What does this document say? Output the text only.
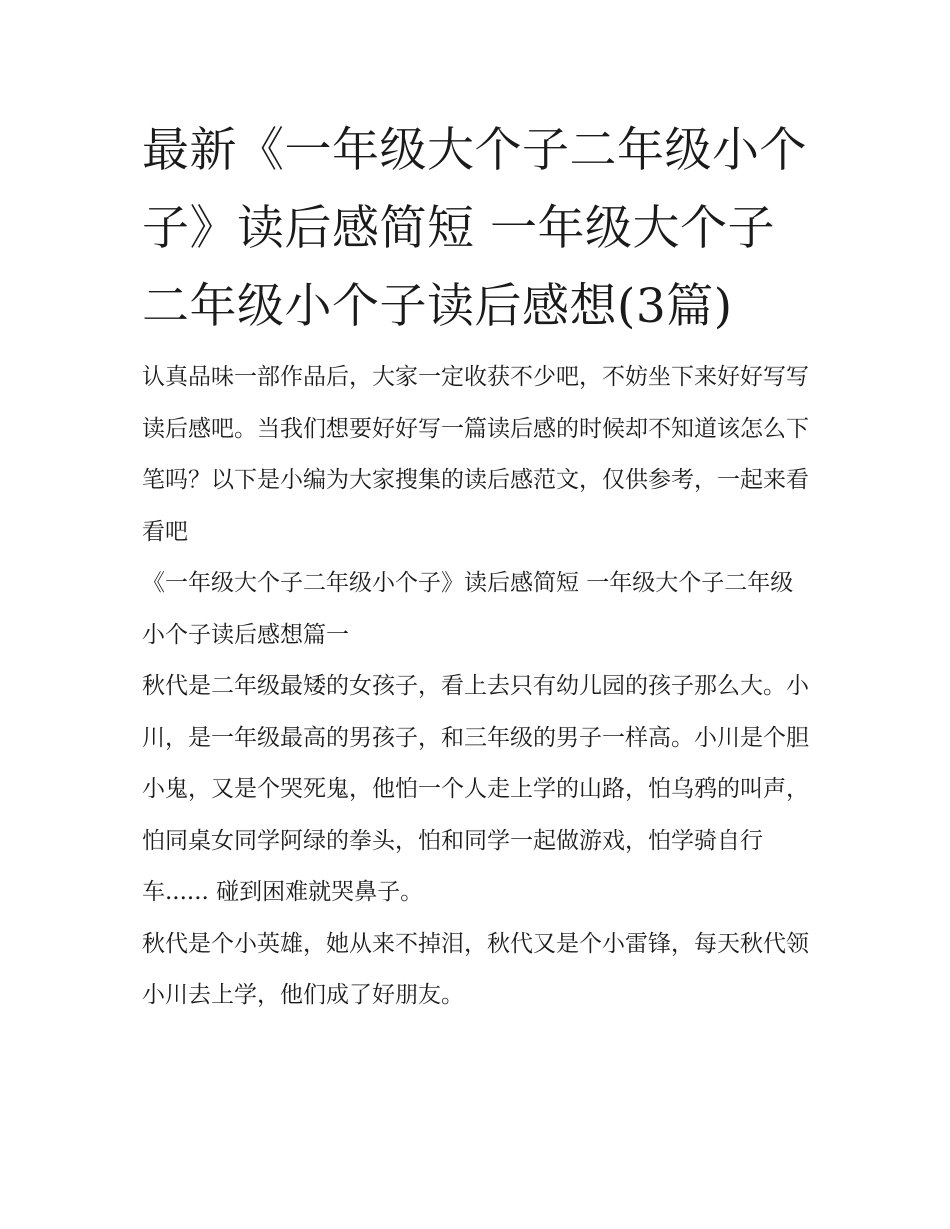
最新《一年级大个子二年级小个子》读后感简短 一年级大个子二年级小个子读后感想(3篇)

认真品味一部作品后，大家一定收获不少吧，不妨坐下来好好写写读后感吧。当我们想要好好写一篇读后感的时候却不知道该怎么下笔吗？以下是小编为大家搜集的读后感范文，仅供参考，一起来看看吧

《一年级大个子二年级小个子》读后感简短 一年级大个子二年级小个子读后感想篇一

秋代是二年级最矮的女孩子，看上去只有幼儿园的孩子那么大。小川，是一年级最高的男孩子，和三年级的男子一样高。小川是个胆小鬼，又是个哭死鬼，他怕一个人走上学的山路，怕乌鸦的叫声，怕同桌女同学阿绿的拳头，怕和同学一起做游戏，怕学骑自行车...... 碰到困难就哭鼻子。

秋代是个小英雄，她从来不掉泪，秋代又是个小雷锋，每天秋代领小川去上学，他们成了好朋友。
